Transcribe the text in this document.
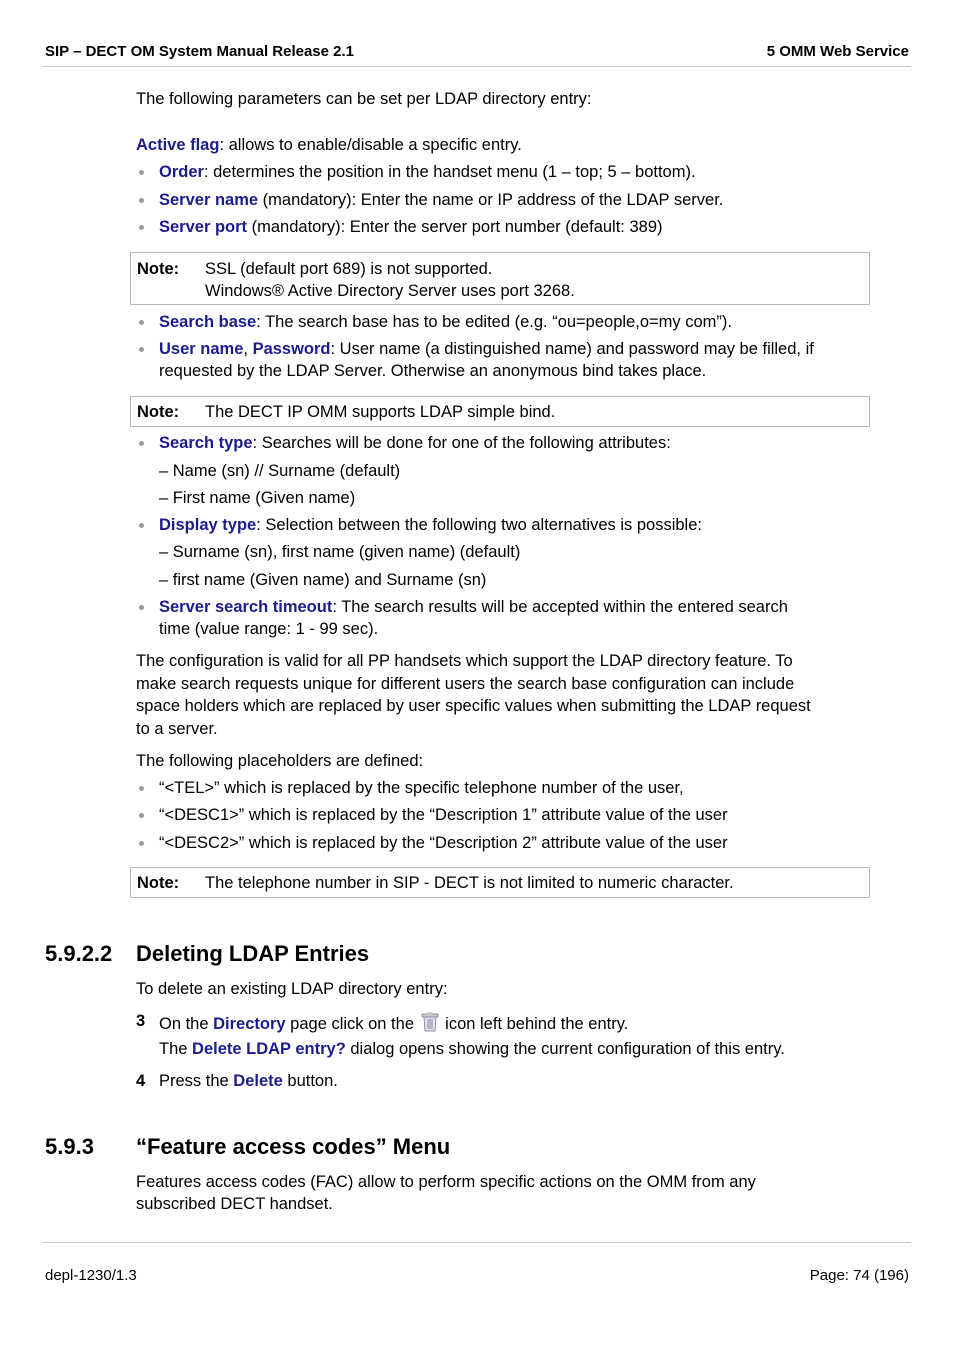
SIP – DECT OM System Manual Release 2.1	5 OMM Web Service
The following parameters can be set per LDAP directory entry:
Active flag: allows to enable/disable a specific entry.
Order: determines the position in the handset menu (1 – top; 5 – bottom).
Server name (mandatory): Enter the name or IP address of the LDAP server.
Server port (mandatory): Enter the server port number (default: 389)
Note: SSL (default port 689) is not supported.
Windows® Active Directory Server uses port 3268.
Search base: The search base has to be edited (e.g. “ou=people,o=my com”).
User name, Password: User name (a distinguished name) and password may be filled, if
requested by the LDAP Server. Otherwise an anonymous bind takes place.
Note: The DECT IP OMM supports LDAP simple bind.
Search type: Searches will be done for one of the following attributes:
– Name (sn) // Surname (default)
– First name (Given name)
Display type: Selection between the following two alternatives is possible:
– Surname (sn), first name (given name) (default)
– first name (Given name) and Surname (sn)
Server search timeout: The search results will be accepted within the entered search
time (value range: 1 - 99 sec).
The configuration is valid for all PP handsets which support the LDAP directory feature. To
make search requests unique for different users the search base configuration can include
space holders which are replaced by user specific values when submitting the LDAP request
to a server.
The following placeholders are defined:
“<TEL>” which is replaced by the specific telephone number of the user,
“<DESC1>” which is replaced by the “Description 1” attribute value of the user
“<DESC2>” which is replaced by the “Description 2” attribute value of the user
Note: The telephone number in SIP - DECT is not limited to numeric character.
5.9.2.2 Deleting LDAP Entries
To delete an existing LDAP directory entry:
3 On the Directory page click on the  icon left behind the entry.
The Delete LDAP entry? dialog opens showing the current configuration of this entry.
4 Press the Delete button.
5.9.3 “Feature access codes” Menu
Features access codes (FAC) allow to perform specific actions on the OMM from any
subscribed DECT handset.
depl-1230/1.3	Page: 74 (196)
